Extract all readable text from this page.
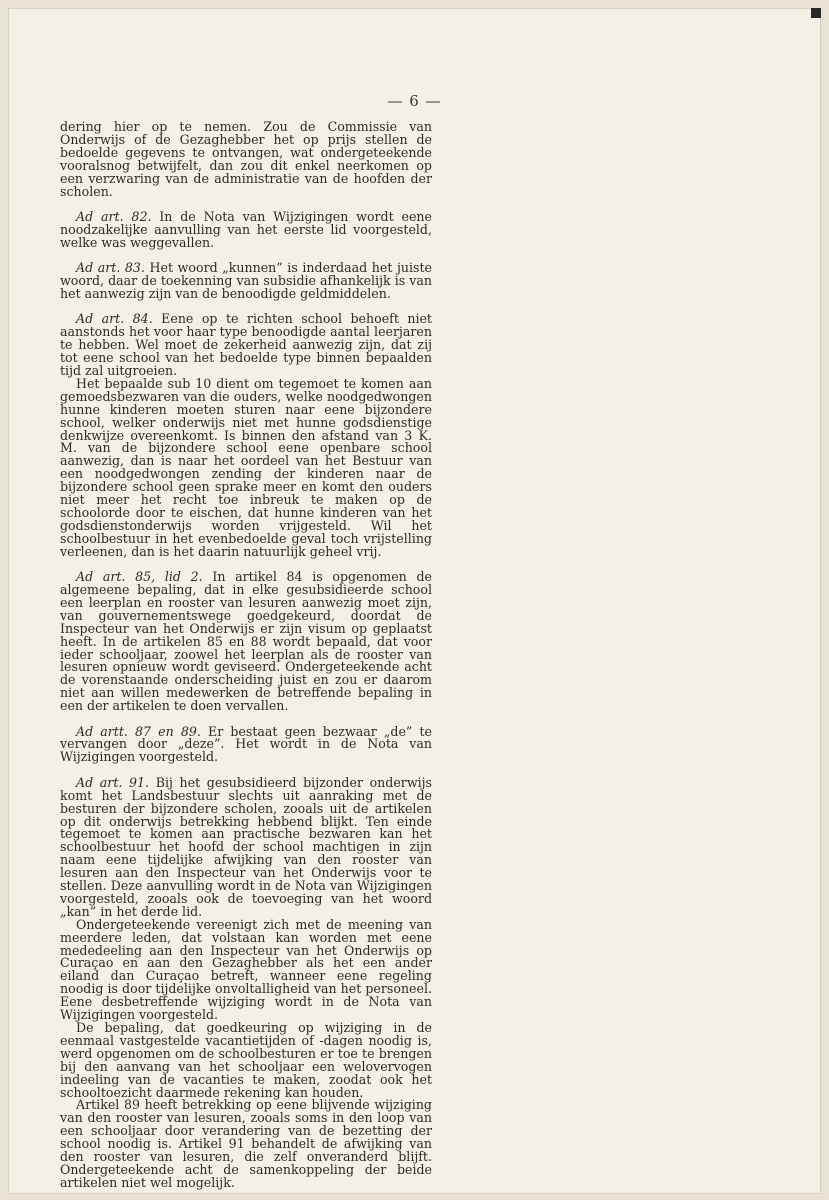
— 6 —

dering hier op te nemen. Zou de Commissie van Onderwijs of de Gezaghebber het op prijs stellen de bedoelde gegevens te ontvangen, wat ondergeteekende vooralsnog betwijfelt, dan zou dit enkel neerkomen op een verzwaring van de administratie van de hoofden der scholen.

Ad art. 82. In de Nota van Wijzigingen wordt eene noodzakelijke aanvulling van het eerste lid voorgesteld, welke was weggevallen.

Ad art. 83. Het woord „kunnen” is inderdaad het juiste woord, daar de toekenning van subsidie afhankelijk is van het aanwezig zijn van de benoodigde geldmiddelen.

Ad art. 84. Eene op te richten school behoeft niet aanstonds het voor haar type benoodigde aantal leerjaren te hebben. Wel moet de zekerheid aanwezig zijn, dat zij tot eene school van het bedoelde type binnen bepaalden tijd zal uitgroeien.

Het bepaalde sub 10 dient om tegemoet te komen aan gemoedsbezwaren van die ouders, welke noodgedwongen hunne kinderen moeten sturen naar eene bijzondere school, welker onderwijs niet met hunne godsdienstige denkwijze overeenkomt. Is binnen den afstand van 3 K. M. van de bijzondere school eene openbare school aanwezig, dan is naar het oordeel van het Bestuur van een noodgedwongen zending der kinderen naar de bijzondere school geen sprake meer en komt den ouders niet meer het recht toe inbreuk te maken op de schoolorde door te eischen, dat hunne kinderen van het godsdienstonderwijs worden vrijgesteld. Wil het schoolbestuur in het evenbedoelde geval toch vrijstelling verleenen, dan is het daarin natuurlijk geheel vrij.

Ad art. 85, lid 2. In artikel 84 is opgenomen de algemeene bepaling, dat in elke gesubsidieerde school een leerplan en rooster van lesuren aanwezig moet zijn, van gouvernementswege goedgekeurd, doordat de Inspecteur van het Onderwijs er zijn visum op geplaatst heeft. In de artikelen 85 en 88 wordt bepaald, dat voor ieder schooljaar, zoowel het leerplan als de rooster van lesuren opnieuw wordt geviseerd. Ondergeteekende acht de vorenstaande onderscheiding juist en zou er daarom niet aan willen medewerken de betreffende bepaling in een der artikelen te doen vervallen.

Ad artt. 87 en 89. Er bestaat geen bezwaar „de” te vervangen door „deze”. Het wordt in de Nota van Wijzigingen voorgesteld.

Ad art. 91. Bij het gesubsidieerd bijzonder onderwijs komt het Landsbestuur slechts uit aanraking met de besturen der bijzondere scholen, zooals uit de artikelen op dit onderwijs betrekking hebbend blijkt. Ten einde tegemoet te komen aan practische bezwaren kan het schoolbestuur het hoofd der school machtigen in zijn naam eene tijdelijke afwijking van den rooster van lesuren aan den Inspecteur van het Onderwijs voor te stellen. Deze aanvulling wordt in de Nota van Wijzigingen voorgesteld, zooals ook de toevoeging van het woord „kan” in het derde lid.

Ondergeteekende vereenigt zich met de meening van meerdere leden, dat volstaan kan worden met eene mededeeling aan den Inspecteur van het Onderwijs op Curaçao en aan den Gezaghebber als het een ander eiland dan Curaçao betreft, wanneer eene regeling noodig is door tijdelijke onvoltalligheid van het personeel. Eene desbetreffende wijziging wordt in de Nota van Wijzigingen voorgesteld.

De bepaling, dat goedkeuring op wijziging in de eenmaal vastgestelde vacantietijden of -dagen noodig is, werd opgenomen om de schoolbesturen er toe te brengen bij den aanvang van het schooljaar een welovervogen indeeling van de vacanties te maken, zoodat ook het schooltoezicht daarmede rekening kan houden.

Artikel 89 heeft betrekking op eene blijvende wijziging van den rooster van lesuren, zooals soms in den loop van een schooljaar door verandering van de bezetting der school noodig is. Artikel 91 behandelt de afwijking van den rooster van lesuren, die zelf onveranderd blijft. Ondergeteekende acht de samenkoppeling der beide artikelen niet wel mogelijk.
